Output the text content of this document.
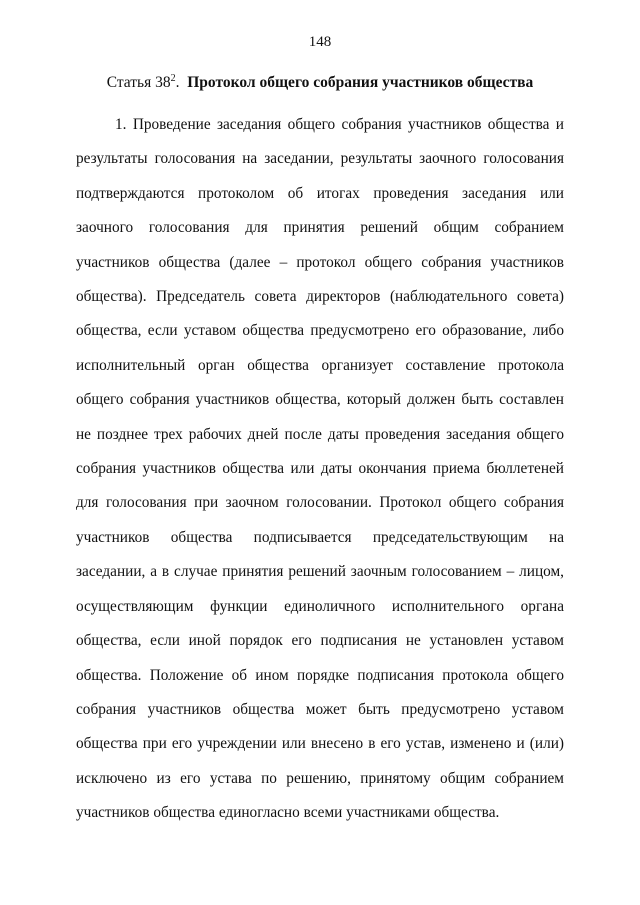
148
Статья $38^2$. Протокол общего собрания участников общества

1. Проведение заседания общего собрания участников общества и результаты голосования на заседании, результаты заочного голосования подтверждаются протоколом об итогах проведения заседания или заочного голосования для принятия решений общим собранием участников общества (далее – протокол общего собрания участников общества). Председатель совета директоров (наблюдательного совета) общества, если уставом общества предусмотрено его образование, либо исполнительный орган общества организует составление протокола общего собрания участников общества, который должен быть составлен не позднее трех рабочих дней после даты проведения заседания общего собрания участников общества или даты окончания приема бюллетеней для голосования при заочном голосовании. Протокол общего собрания участников общества подписывается председательствующим на заседании, а в случае принятия решений заочным голосованием – лицом, осуществляющим функции единоличного исполнительного органа общества, если иной порядок его подписания не установлен уставом общества. Положение об ином порядке подписания протокола общего собрания участников общества может быть предусмотрено уставом общества при его учреждении или внесено в его устав, изменено и (или) исключено из его устава по решению, принятому общим собранием участников общества единогласно всеми участниками общества.
